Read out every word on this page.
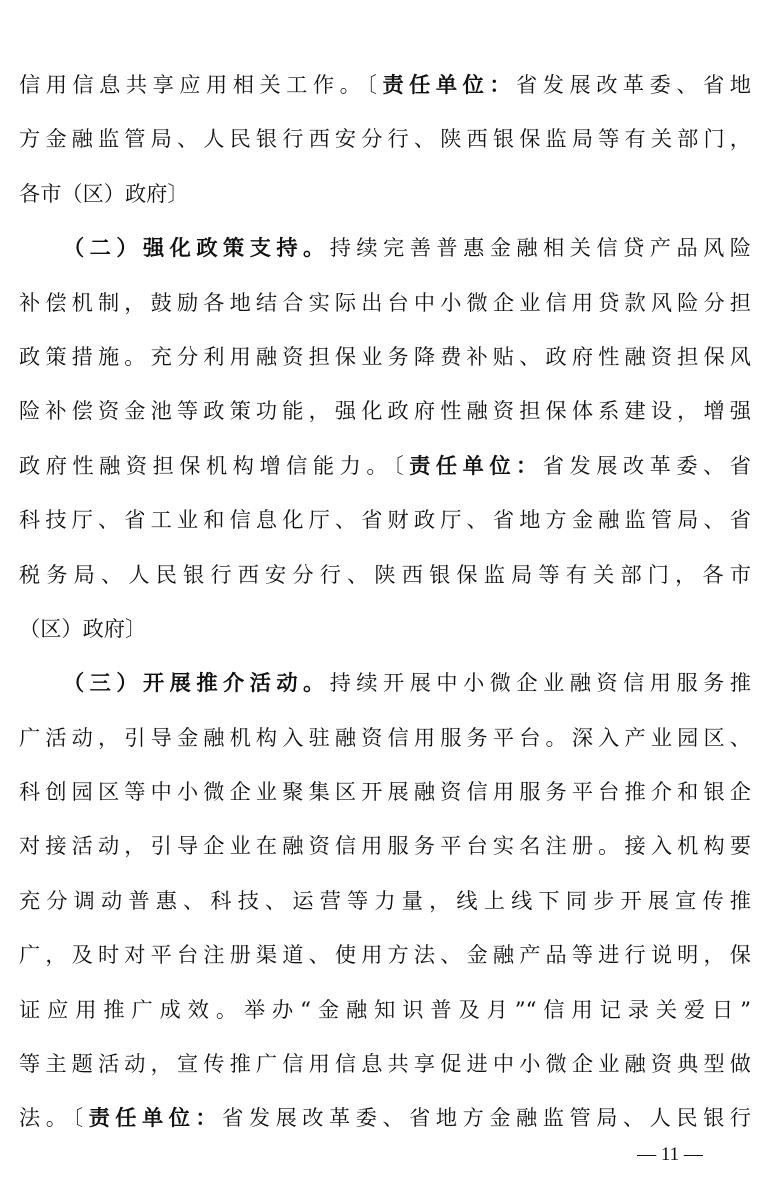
信用信息共享应用相关工作。〔责任单位：省发展改革委、省地
方金融监管局、人民银行西安分行、陕西银保监局等有关部门，
各市（区）政府〕
（二）强化政策支持。持续完善普惠金融相关信贷产品风险
补偿机制，鼓励各地结合实际出台中小微企业信用贷款风险分担
政策措施。充分利用融资担保业务降费补贴、政府性融资担保风
险补偿资金池等政策功能，强化政府性融资担保体系建设，增强
政府性融资担保机构增信能力。〔责任单位：省发展改革委、省
科技厅、省工业和信息化厅、省财政厅、省地方金融监管局、省
税务局、人民银行西安分行、陕西银保监局等有关部门，各市
（区）政府〕
（三）开展推介活动。持续开展中小微企业融资信用服务推
广活动，引导金融机构入驻融资信用服务平台。深入产业园区、
科创园区等中小微企业聚集区开展融资信用服务平台推介和银企
对接活动，引导企业在融资信用服务平台实名注册。接入机构要
充分调动普惠、科技、运营等力量，线上线下同步开展宣传推
广，及时对平台注册渠道、使用方法、金融产品等进行说明，保
证应用推广成效。举办“金融知识普及月”“信用记录关爱日”
等主题活动，宣传推广信用信息共享促进中小微企业融资典型做
法。〔责任单位：省发展改革委、省地方金融监管局、人民银行
— 11 —
